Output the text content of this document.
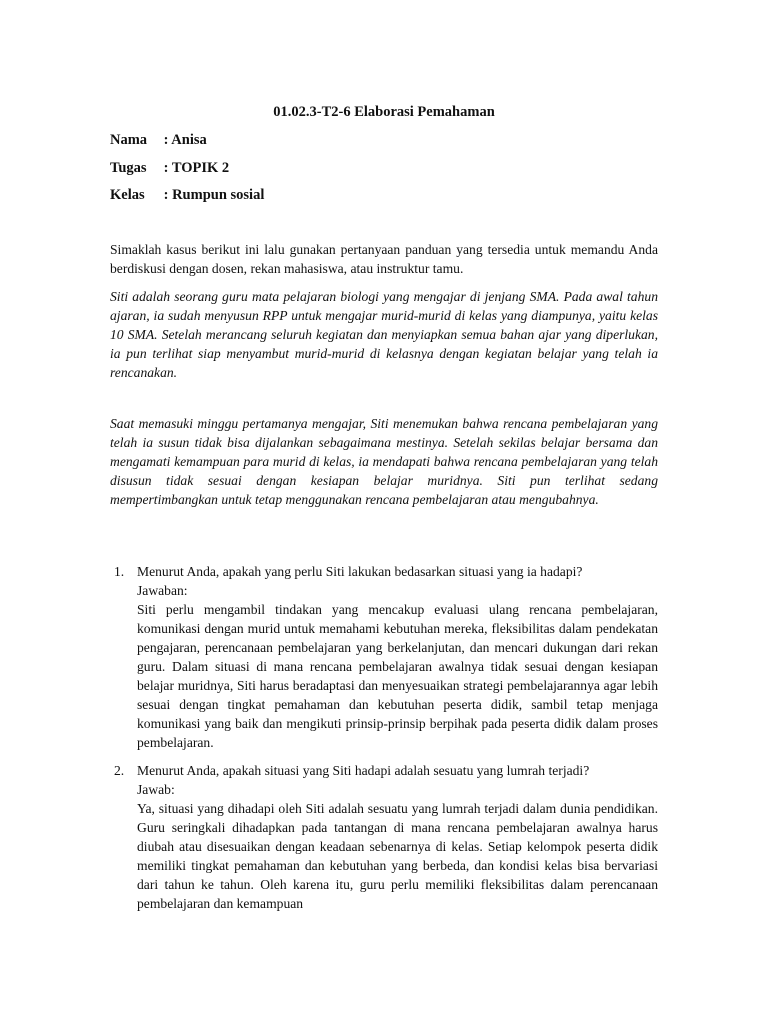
01.02.3-T2-6 Elaborasi Pemahaman
Nama : Anisa
Tugas : TOPIK 2
Kelas : Rumpun sosial
Simaklah kasus berikut ini lalu gunakan pertanyaan panduan yang tersedia untuk memandu Anda berdiskusi dengan dosen, rekan mahasiswa, atau instruktur tamu.
Siti adalah seorang guru mata pelajaran biologi yang mengajar di jenjang SMA. Pada awal tahun ajaran, ia sudah menyusun RPP untuk mengajar murid-murid di kelas yang diampunya, yaitu kelas 10 SMA. Setelah merancang seluruh kegiatan dan menyiapkan semua bahan ajar yang diperlukan, ia pun terlihat siap menyambut murid-murid di kelasnya dengan kegiatan belajar yang telah ia rencanakan.
Saat memasuki minggu pertamanya mengajar, Siti menemukan bahwa rencana pembelajaran yang telah ia susun tidak bisa dijalankan sebagaimana mestinya. Setelah sekilas belajar bersama dan mengamati kemampuan para murid di kelas, ia mendapati bahwa rencana pembelajaran yang telah disusun tidak sesuai dengan kesiapan belajar muridnya. Siti pun terlihat sedang mempertimbangkan untuk tetap menggunakan rencana pembelajaran atau mengubahnya.
1. Menurut Anda, apakah yang perlu Siti lakukan bedasarkan situasi yang ia hadapi?
Jawaban:
Siti perlu mengambil tindakan yang mencakup evaluasi ulang rencana pembelajaran, komunikasi dengan murid untuk memahami kebutuhan mereka, fleksibilitas dalam pendekatan pengajaran, perencanaan pembelajaran yang berkelanjutan, dan mencari dukungan dari rekan guru. Dalam situasi di mana rencana pembelajaran awalnya tidak sesuai dengan kesiapan belajar muridnya, Siti harus beradaptasi dan menyesuaikan strategi pembelajarannya agar lebih sesuai dengan tingkat pemahaman dan kebutuhan peserta didik, sambil tetap menjaga komunikasi yang baik dan mengikuti prinsip-prinsip berpihak pada peserta didik dalam proses pembelajaran.
2. Menurut Anda, apakah situasi yang Siti hadapi adalah sesuatu yang lumrah terjadi?
Jawab:
Ya, situasi yang dihadapi oleh Siti adalah sesuatu yang lumrah terjadi dalam dunia pendidikan. Guru seringkali dihadapkan pada tantangan di mana rencana pembelajaran awalnya harus diubah atau disesuaikan dengan keadaan sebenarnya di kelas. Setiap kelompok peserta didik memiliki tingkat pemahaman dan kebutuhan yang berbeda, dan kondisi kelas bisa bervariasi dari tahun ke tahun. Oleh karena itu, guru perlu memiliki fleksibilitas dalam perencanaan pembelajaran dan kemampuan
